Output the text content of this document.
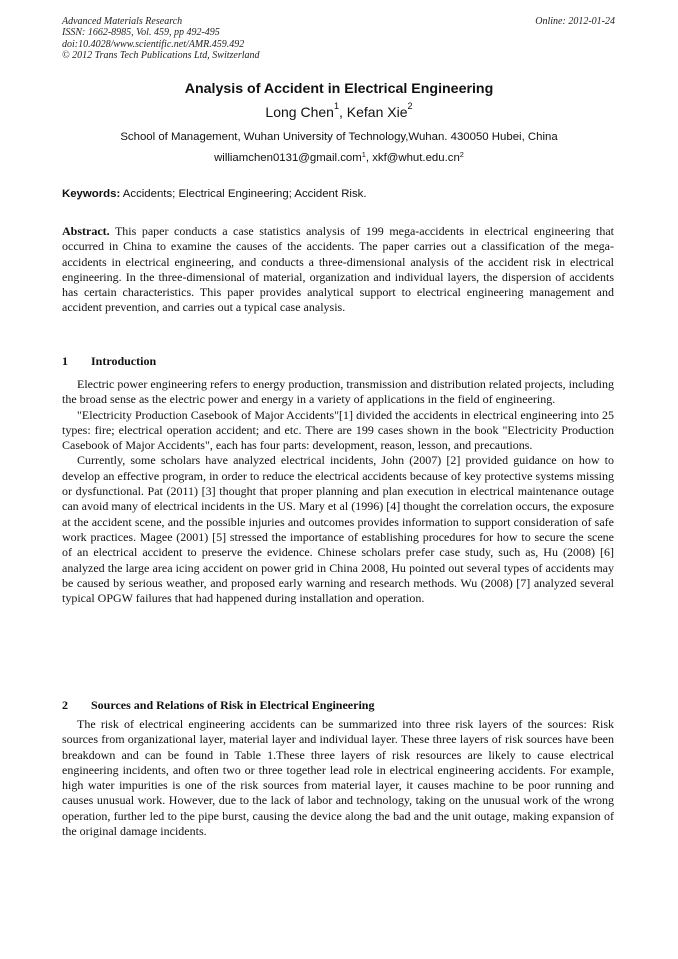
Advanced Materials Research
ISSN: 1662-8985, Vol. 459, pp 492-495
doi:10.4028/www.scientific.net/AMR.459.492
© 2012 Trans Tech Publications Ltd, Switzerland
Online: 2012-01-24
Analysis of Accident in Electrical Engineering
Long Chen$^1$, Kefan Xie$^2$
School of Management, Wuhan University of Technology,Wuhan. 430050 Hubei, China
williamchen0131@gmail.com$^1$, $xkf@whut.edu.cn^2$
Keywords: Accidents; Electrical Engineering; Accident Risk.
Abstract. This paper conducts a case statistics analysis of 199 mega-accidents in electrical engineering that occurred in China to examine the causes of the accidents. The paper carries out a classification of the mega-accidents in electrical engineering, and conducts a three-dimensional analysis of the accident risk in electrical engineering. In the three-dimensional of material, organization and individual layers, the dispersion of accidents has certain characteristics. This paper provides analytical support to electrical engineering management and accident prevention, and carries out a typical case analysis.
1 Introduction

Electric power engineering refers to energy production, transmission and distribution related projects, including the broad sense as the electric power and energy in a variety of applications in the field of engineering.

"Electricity Production Casebook of Major Accidents"[1] divided the accidents in electrical engineering into 25 types: fire; electrical operation accident; and etc. There are 199 cases shown in the book "Electricity Production Casebook of Major Accidents", each has four parts: development, reason, lesson, and precautions.

Currently, some scholars have analyzed electrical incidents, John (2007) [2] provided guidance on how to develop an effective program, in order to reduce the electrical accidents because of key protective systems missing or dysfunctional. Pat (2011) [3] thought that proper planning and plan execution in electrical maintenance outage can avoid many of electrical incidents in the US. Mary et al (1996) [4] thought the correlation occurs, the exposure at the accident scene, and the possible injuries and outcomes provides information to support consideration of safe work practices. Magee (2001) [5] stressed the importance of establishing procedures for how to secure the scene of an electrical accident to preserve the evidence. Chinese scholars prefer case study, such as, Hu (2008) [6] analyzed the large area icing accident on power grid in China 2008, Hu pointed out several types of accidents may be caused by serious weather, and proposed early warning and research methods. Wu (2008) [7] analyzed several typical OPGW failures that had happened during installation and operation.

2 Sources and Relations of Risk in Electrical Engineering

The risk of electrical engineering accidents can be summarized into three risk layers of the sources: Risk sources from organizational layer, material layer and individual layer. These three layers of risk sources have been breakdown and can be found in Table 1.These three layers of risk resources are likely to cause electrical engineering incidents, and often two or three together lead role in electrical engineering accidents. For example, high water impurities is one of the risk sources from material layer, it causes machine to be poor running and causes unusual work. However, due to the lack of labor and technology, taking on the unusual work of the wrong operation, further led to the pipe burst, causing the device along the bad and the unit outage, making expansion of the original damage incidents.
